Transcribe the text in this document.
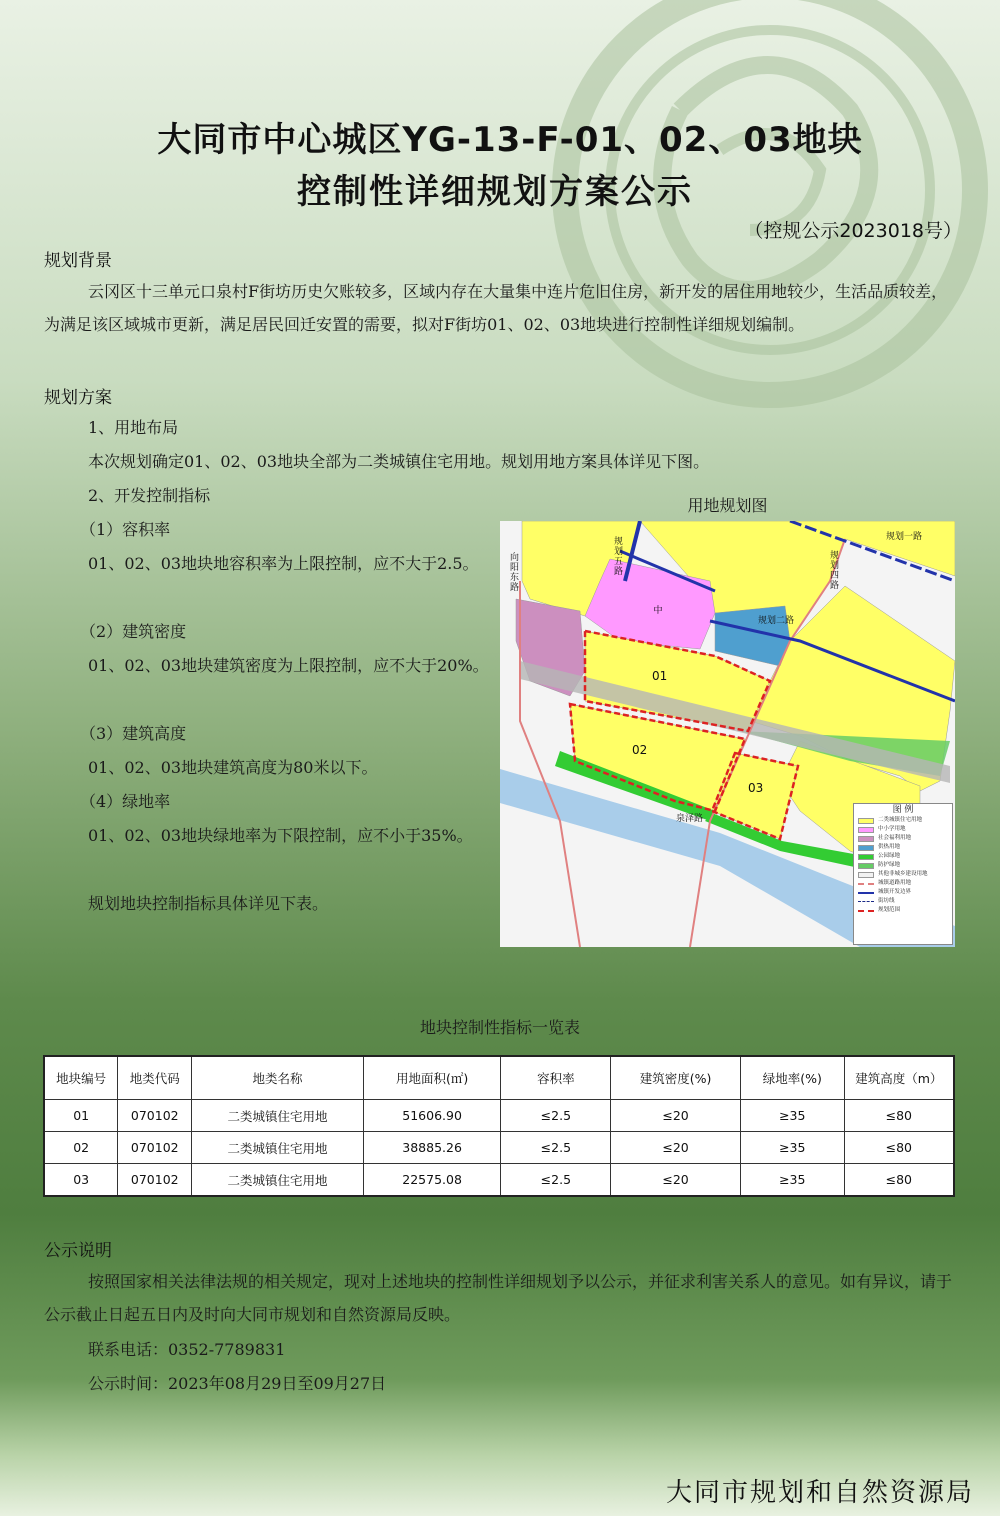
大同市中心城区YG-13-F-01、02、03地块
控制性详细规划方案公示
（控规公示2023018号）
规划背景

云冈区十三单元口泉村F街坊历史欠账较多，区域内存在大量集中连片危旧住房，新开发的居住用地较少，生活品质较差，为满足该区域城市更新，满足居民回迁安置的需要，拟对F街坊01、02、03地块进行控制性详细规划编制。

规划方案

1、用地布局

本次规划确定01、02、03地块全部为二类城镇住宅用地。规划用地方案具体详见下图。

2、开发控制指标

（1）容积率

01、02、03地块地容积率为上限控制，应不大于2.5。

（2）建筑密度

01、02、03地块建筑密度为上限控制，应不大于20%。

（3）建筑高度

01、02、03地块建筑高度为80米以下。

（4）绿地率

01、02、03地块绿地率为下限控制，应不小于35%。

规划地块控制指标具体详见下表。

用地规划图
中
01
02
03
规划一路
规划二路
规划五路
向阳东路
规划四路
泉泽路
图 例
二类城镇住宅用地
中小学用地
社会福利用地
供热用地
公园绿地
防护绿地
其他非城乡建设用地
城镇道路用地
城镇开发边界
街坊线
规划范围
地块控制性指标一览表
地块编号	地类代码	地类名称	用地面积(㎡)	容积率	建筑密度(%)	绿地率(%)	建筑高度（m）
01	070102	二类城镇住宅用地	51606.90	≤2.5	≤20	≥35	≤80
02	070102	二类城镇住宅用地	38885.26	≤2.5	≤20	≥35	≤80
03	070102	二类城镇住宅用地	22575.08	≤2.5	≤20	≥35	≤80
公示说明

按照国家相关法律法规的相关规定，现对上述地块的控制性详细规划予以公示，并征求利害关系人的意见。如有异议，请于公示截止日起五日内及时向大同市规划和自然资源局反映。

联系电话：0352-7789831

公示时间：2023年08月29日至09月27日

大同市规划和自然资源局
